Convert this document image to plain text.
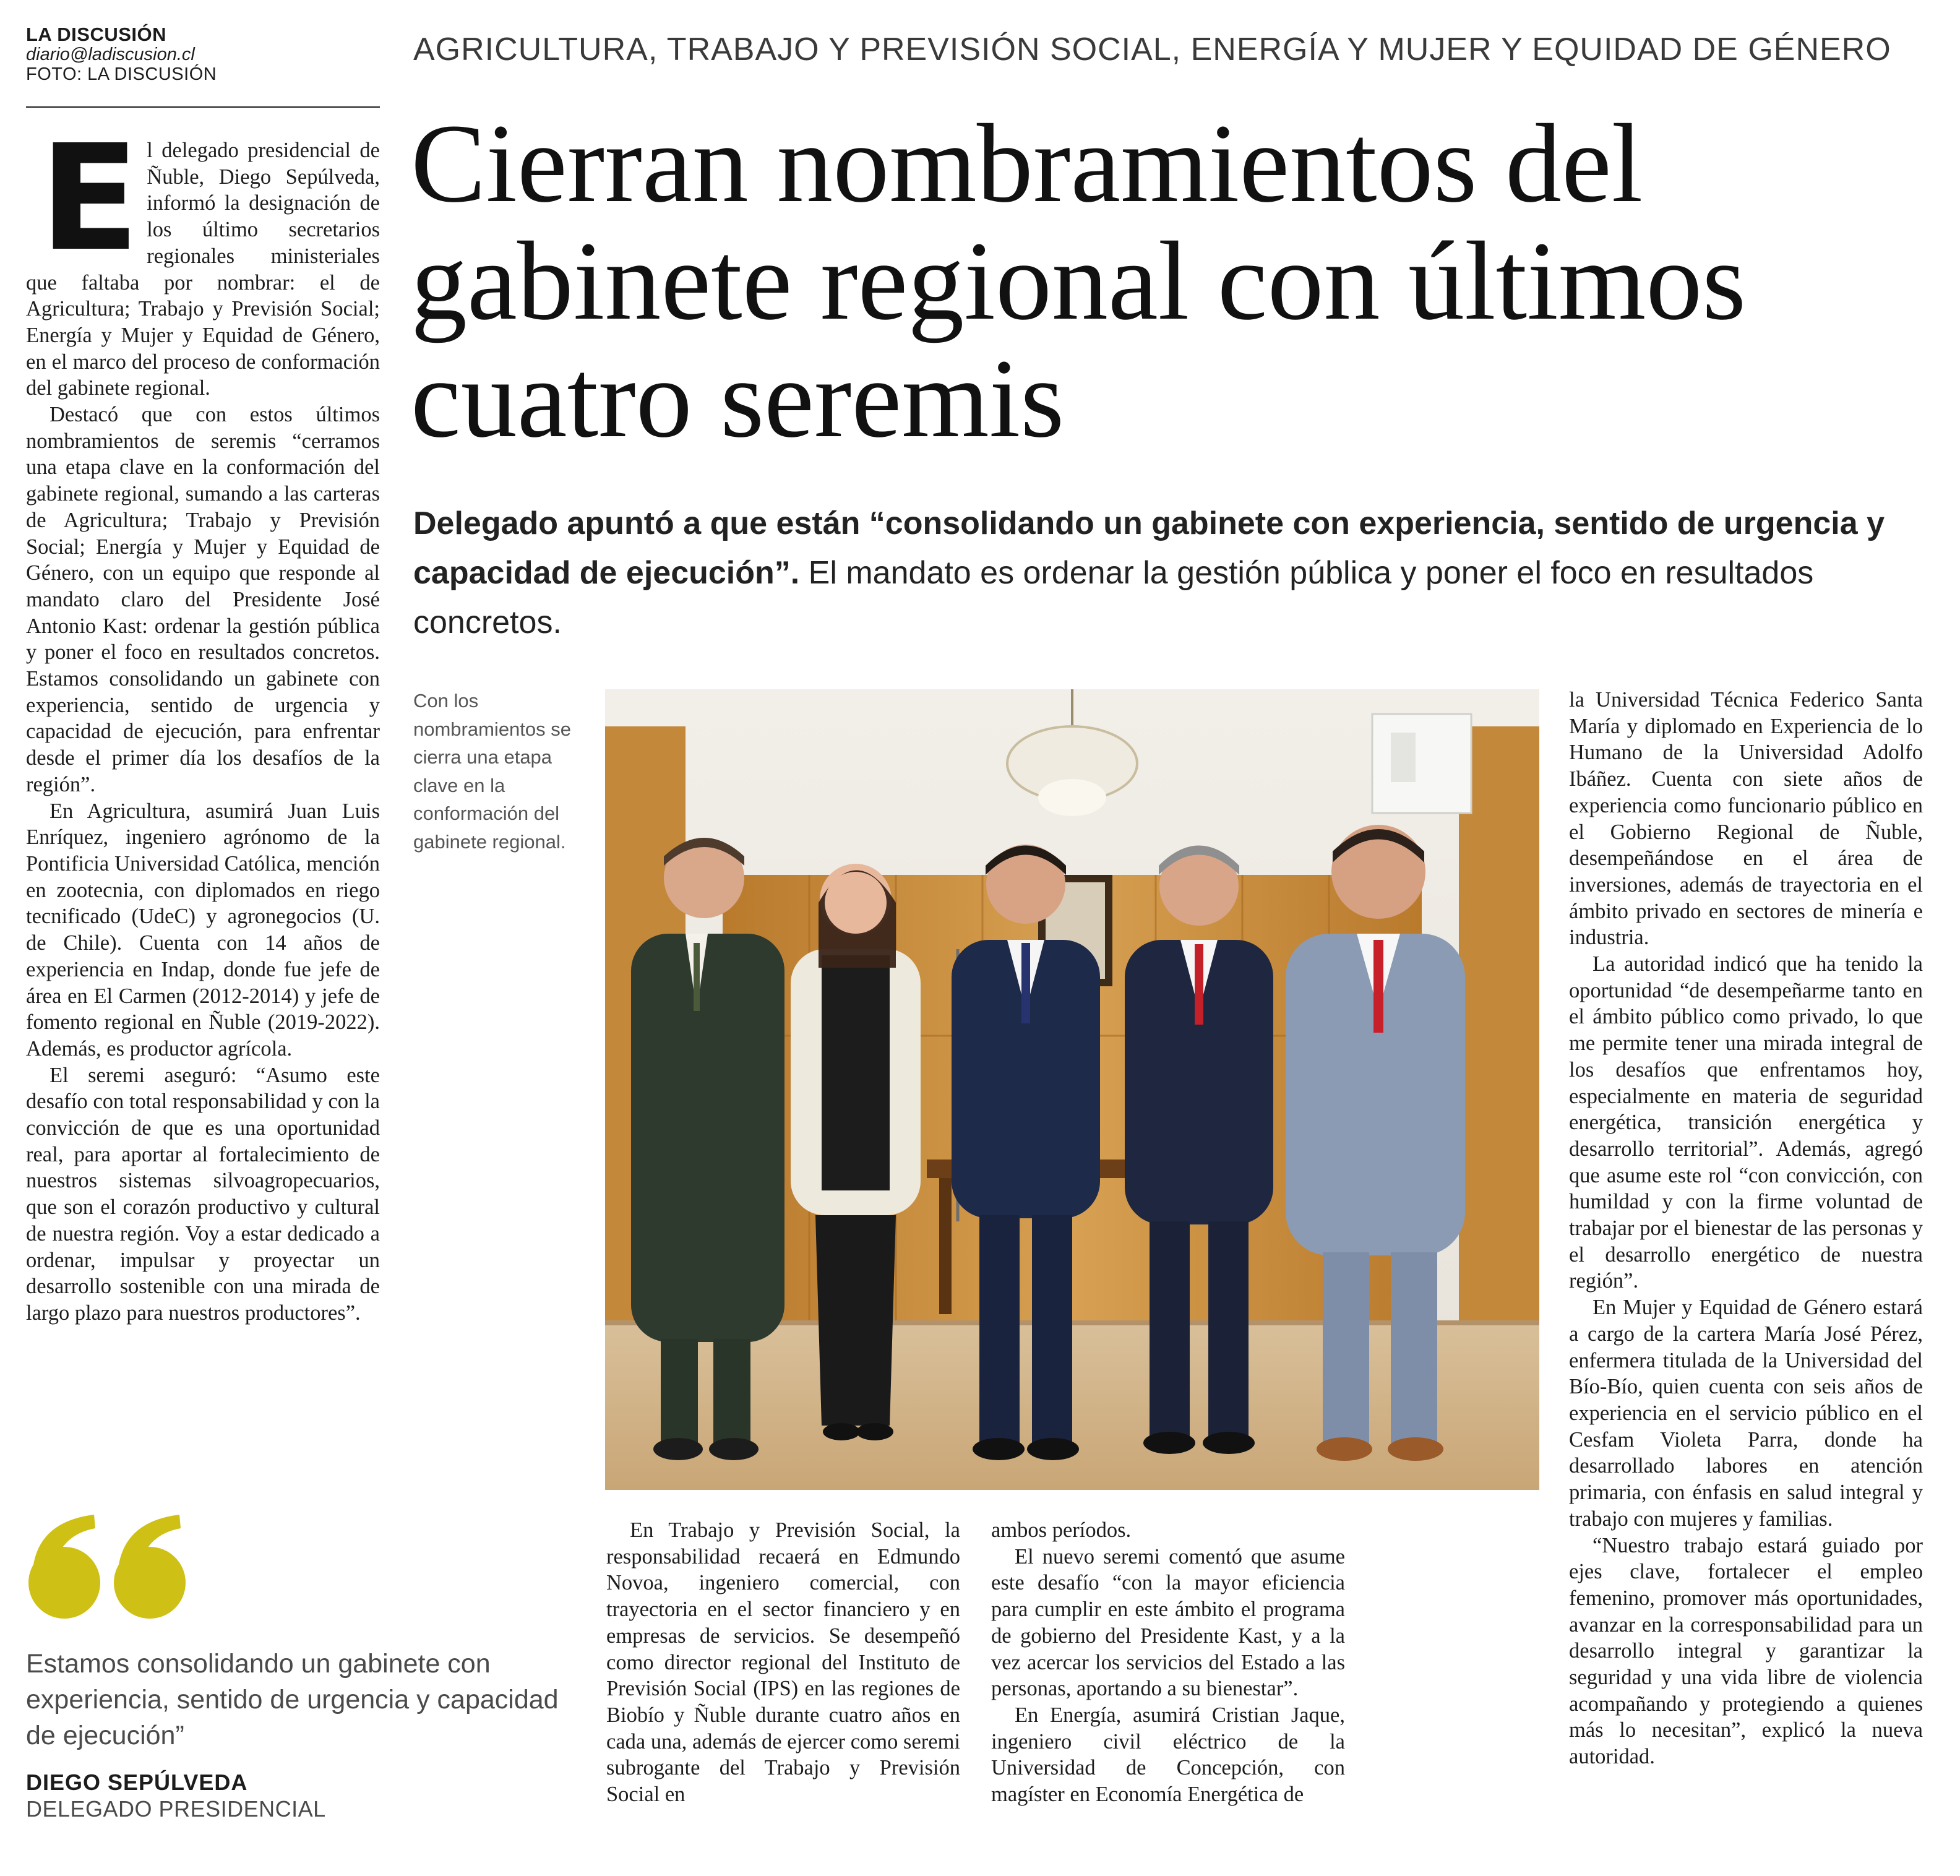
LA DISCUSIÓN
diario@ladiscusion.cl
FOTO: LA DISCUSIÓN
AGRICULTURA, TRABAJO Y PREVISIÓN SOCIAL, ENERGÍA Y MUJER Y EQUIDAD DE GÉNERO
Cierran nombramientos del gabinete regional con últimos cuatro seremis
Delegado apuntó a que están “consolidando un gabinete con experiencia, sentido de urgencia y capacidad de ejecución”. El mandato es ordenar la gestión pública y poner el foco en resultados concretos.
E l delegado presidencial de Ñuble, Diego Sepúlveda, informó la designación de los último secretarios regionales ministeriales que faltaba por nombrar: el de Agricultura; Trabajo y Previsión Social; Energía y Mujer y Equidad de Género, en el marco del proceso de conformación del gabinete regional.

Destacó que con estos últimos nombramientos de seremis “cerramos una etapa clave en la conformación del gabinete regional, sumando a las carteras de Agricultura; Trabajo y Previsión Social; Energía y Mujer y Equidad de Género, con un equipo que responde al mandato claro del Presidente José Antonio Kast: ordenar la gestión pública y poner el foco en resultados concretos. Estamos consolidando un gabinete con experiencia, sentido de urgencia y capacidad de ejecución, para enfrentar desde el primer día los desafíos de la región”.

En Agricultura, asumirá Juan Luis Enríquez, ingeniero agrónomo de la Pontificia Universidad Católica, mención en zootecnia, con diplomados en riego tecnificado (UdeC) y agronegocios (U. de Chile). Cuenta con 14 años de experiencia en Indap, donde fue jefe de área en El Carmen (2012-2014) y jefe de fomento regional en Ñuble (2019-2022). Además, es productor agrícola.

El seremi aseguró: “Asumo este desafío con total responsabilidad y con la convicción de que es una oportunidad real, para aportar al fortalecimiento de nuestros sistemas silvoagropecuarios, que son el corazón productivo y cultural de nuestra región. Voy a estar dedicado a ordenar, impulsar y proyectar un desarrollo sostenible con una mirada de largo plazo para nuestros productores”.

Con los nombramientos se cierra una etapa clave en la conformación del gabinete regional.

En Trabajo y Previsión Social, la responsabilidad recaerá en Edmundo Novoa, ingeniero comercial, con trayectoria en el sector financiero y en empresas de servicios. Se desempeñó como director regional del Instituto de Previsión Social (IPS) en las regiones de Biobío y Ñuble durante cuatro años en cada una, además de ejercer como seremi subrogante del Trabajo y Previsión Social en

ambos períodos.

El nuevo seremi comentó que asume este desafío “con la mayor eficiencia para cumplir en este ámbito el programa de gobierno del Presidente Kast, y a la vez acercar los servicios del Estado a las personas, aportando a su bienestar”.

En Energía, asumirá Cristian Jaque, ingeniero civil eléctrico de la Universidad de Concepción, con magíster en Economía Energética de

la Universidad Técnica Federico Santa María y diplomado en Experiencia de lo Humano de la Universidad Adolfo Ibáñez. Cuenta con siete años de experiencia como funcionario público en el Gobierno Regional de Ñuble, desempeñándose en el área de inversiones, además de trayectoria en el ámbito privado en sectores de minería e industria.

La autoridad indicó que ha tenido la oportunidad “de desempeñarme tanto en el ámbito público como privado, lo que me permite tener una mirada integral de los desafíos que enfrentamos hoy, especialmente en materia de seguridad energética, transición energética y desarrollo territorial”. Además, agregó que asume este rol “con convicción, con humildad y con la firme voluntad de trabajar por el bienestar de las personas y el desarrollo energético de nuestra región”.

En Mujer y Equidad de Género estará a cargo de la cartera María José Pérez, enfermera titulada de la Universidad del Bío-Bío, quien cuenta con seis años de experiencia en el servicio público en el Cesfam Violeta Parra, donde ha desarrollado labores en atención primaria, con énfasis en salud integral y trabajo con mujeres y familias.

“Nuestro trabajo estará guiado por ejes clave, fortalecer el empleo femenino, promover más oportunidades, avanzar en la corresponsabilidad para un desarrollo integral y garantizar la seguridad y una vida libre de violencia acompañando y protegiendo a quienes más lo necesitan”, explicó la nueva autoridad.

Estamos consolidando un gabinete con experiencia, sentido de urgencia y capacidad de ejecución”
DIEGO SEPÚLVEDA
DELEGADO PRESIDENCIAL
